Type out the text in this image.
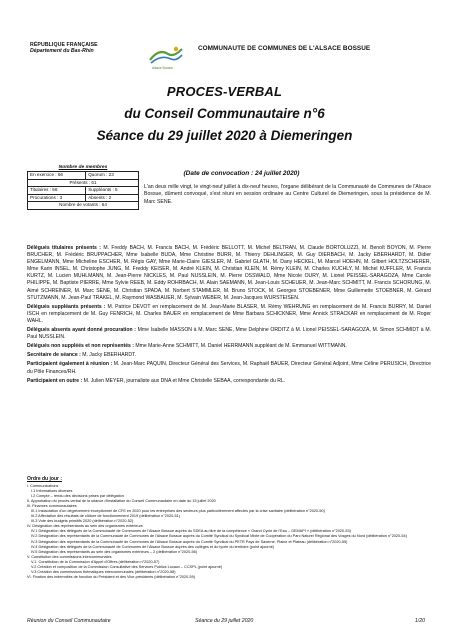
RÉPUBLIQUE FRANÇAISE
Département du Bas-Rhin
Alsace Bossue
COMMUNAUTE DE COMMUNES DE L'ALSACE BOSSUE
PROCES-VERBAL
du Conseil Communautaire n°6
Séance du 29 juillet 2020 à Diemeringen
(Date de convocation : 24 juillet 2020)
Nombre de membres
En exercice : 66	Quorum : 23
Présents : 61	
Titulaires : 56	Suppléants : 5
Procurations : 3	Absents : 2
Nombre de votants : 64	
L'an deux mille vingt, le vingt-neuf juillet à dix-neuf heures, l'organe délibérant de la Communauté de Communes de l'Alsace Bossue, dûment convoqué, s'est réuni en session ordinaire au Centre Culturel de Diemeringen, sous la présidence de M. Marc SENE.

Délégués titulaires présents : M. Freddy BACH, M. Francis BACH, M. Frédéric BELLOTT, M. Michel BELTRAN, M. Claude BORTOLUZZI, M. Benoît BOYON, M. Pierre BRUCHER, M. Frédéric BRUPPACHER, Mme Isabelle BUDA, Mme Christine BURR, M. Thierry DEHLINGER, M. Guy DIERBACH, M. Jacky EBERHARDT, M. Didier ENGELMANN, Mme Micheline ESCHER, M. Régis GAY, Mme Marie-Claire GIESLER, M. Gabriel GLATH, M. Dany HECKEL, M. Marcel HOEHN, M. Gilbert HOLTZSCHERER, Mme Karin INSEL, M. Christophe JUNG, M. Freddy KEISER, M. André KLEIN, M. Christian KLEIN, M. Rémy KLEIN, M. Charles KUCHLY, M. Michel KUFFLER, M. Francis KURTZ, M. Lucien MUHLMANN, M. Jean-Pierre NICKLES, M. Paul NUSSLEIN, M. Pierre OSSWALD, Mme Nicole OURY, M. Lionel PEISSEL-SARAGOZA, Mme Carole PHILIPPE, M. Baptiste PIERRE, Mme Sylvie REEB, M. Eddy ROHRBACH, M. Alain SAEMANN, M. Jean-Louis SCHEUER, M. Jean-Marc SCHMITT, M. Francis SCHORUNG, M. Aimé SCHREINER, M. Marc SENE, M. Christian SPADA, M. Norbert STAMMLER, M. Bruno STOCK, M. Georges STOEBENER, Mme Guillemette STOEBNER, M. Gérard STUTZMANN, M. Jean-Paul TRAKEL, M. Raymond WASBAUER, M. Sylvain WEBER, M. Jean-Jacques WURSTEISEN.

Délégués suppléants présents : M. Patrice DEVOT en remplacement de M. Jean-Marie BLASER, M. Rémy WEHRUNG en remplacement de M. Francis BURRY, M. Daniel ISCH en remplacement de M. Guy FENRICH, M. Charles BAUER en remplacement de Mme Barbara SCHICKNER, Mme Annick STRACKAR en remplacement de M. Roger WAHL.

Délégués absents ayant donné procuration : Mme Isabelle MASSON à M. Marc SENE, Mme Delphine ORDITZ à M. Lionel PEISSEL-SARAGOZA, M. Simon SCHMIDT à M. Paul NUSSLEIN.

Délégués non suppléés et non représentés : Mme Marie-Anne SCHMITT, M. Daniel HERRMANN suppléant de M. Emmanuel WITTMANN.

Secrétaire de séance : M. Jacky EBERHARDT.

Participaient également à réunion : M. Jean-Marc PAQUIN, Directeur Général des Services, M. Raphaël BAUER, Directeur Général Adjoint, Mme Céline PERUSICH, Directrice du Pôle Finances/RH.

Participaient en outre : M. Julien MEYER, journaliste aux DNA et Mme Christelle SEBAA, correspondante du RL.

Ordre du jour :
I. Communications
I.1 Informations diverses
I.2 Compte – rendu des décisions prises par délégation
II. Approbation du procès-verbal de la séance d'installation du Conseil Communautaire en date du 15 juillet 2020
III. Finances communautaires
III.1 Instauration d'un dégrèvement exceptionnel de CFE en 2020 pour les entreprises des secteurs plus particulièrement affectés par la crise sanitaire (délibération n°2020-50)
III.2 Affectation des résultats de clôture de fonctionnement 2019 (délibération n°2020-51)
III.3 Vote des budgets primitifs 2020 (délibération n°2020-52)
IV. Désignation des représentants au sein des organismes extérieurs
IV.1 Désignation des délégués de la Communauté de Communes de l'Alsace Bossue auprès du SDEA au titre de la compétence « Grand Cycle de l'Eau – GEMAPI » (délibération n°2020-53)
IV.2 Désignation des représentants de la Communauté de Communes de l'Alsace Bossue auprès du Comité Syndical du Syndicat Mixte de Coopération du Parc Naturel Régional des Vosges du Nord (délibération n°2020-54)
IV.3 Désignation des représentants de la Communauté de Communes de l'Alsace Bossue auprès du Comité Syndical du PETR Pays de Saverne, Plaine et Plateau (délibération n°2020-55)
IV.4 Désignation des délégués de la Communauté de Communes de l'Alsace Bossue auprès des collèges et du lycée du territoire (point ajourné)
IV.5 Désignation des représentants au sein des organismes extérieurs – 2 (délibération n°2020-56)
V. Constitution des commissions intercommunales
V.1. Constitution de la Commission d'Appel d'Offres (délibération n°2020-57)
V.2 Création et composition de la Commission Consultative des Services Publics Locaux – CCSPL (point ajourné)
V.3 Création des commissions thématiques intercommunales (délibération n°2020-58)
VI. Fixation des indemnités de fonction du Président et des Vice-présidents (délibération n°2020-59)
Réunion du Conseil Communautaire	Séance du 29 juillet 2020	1/20
